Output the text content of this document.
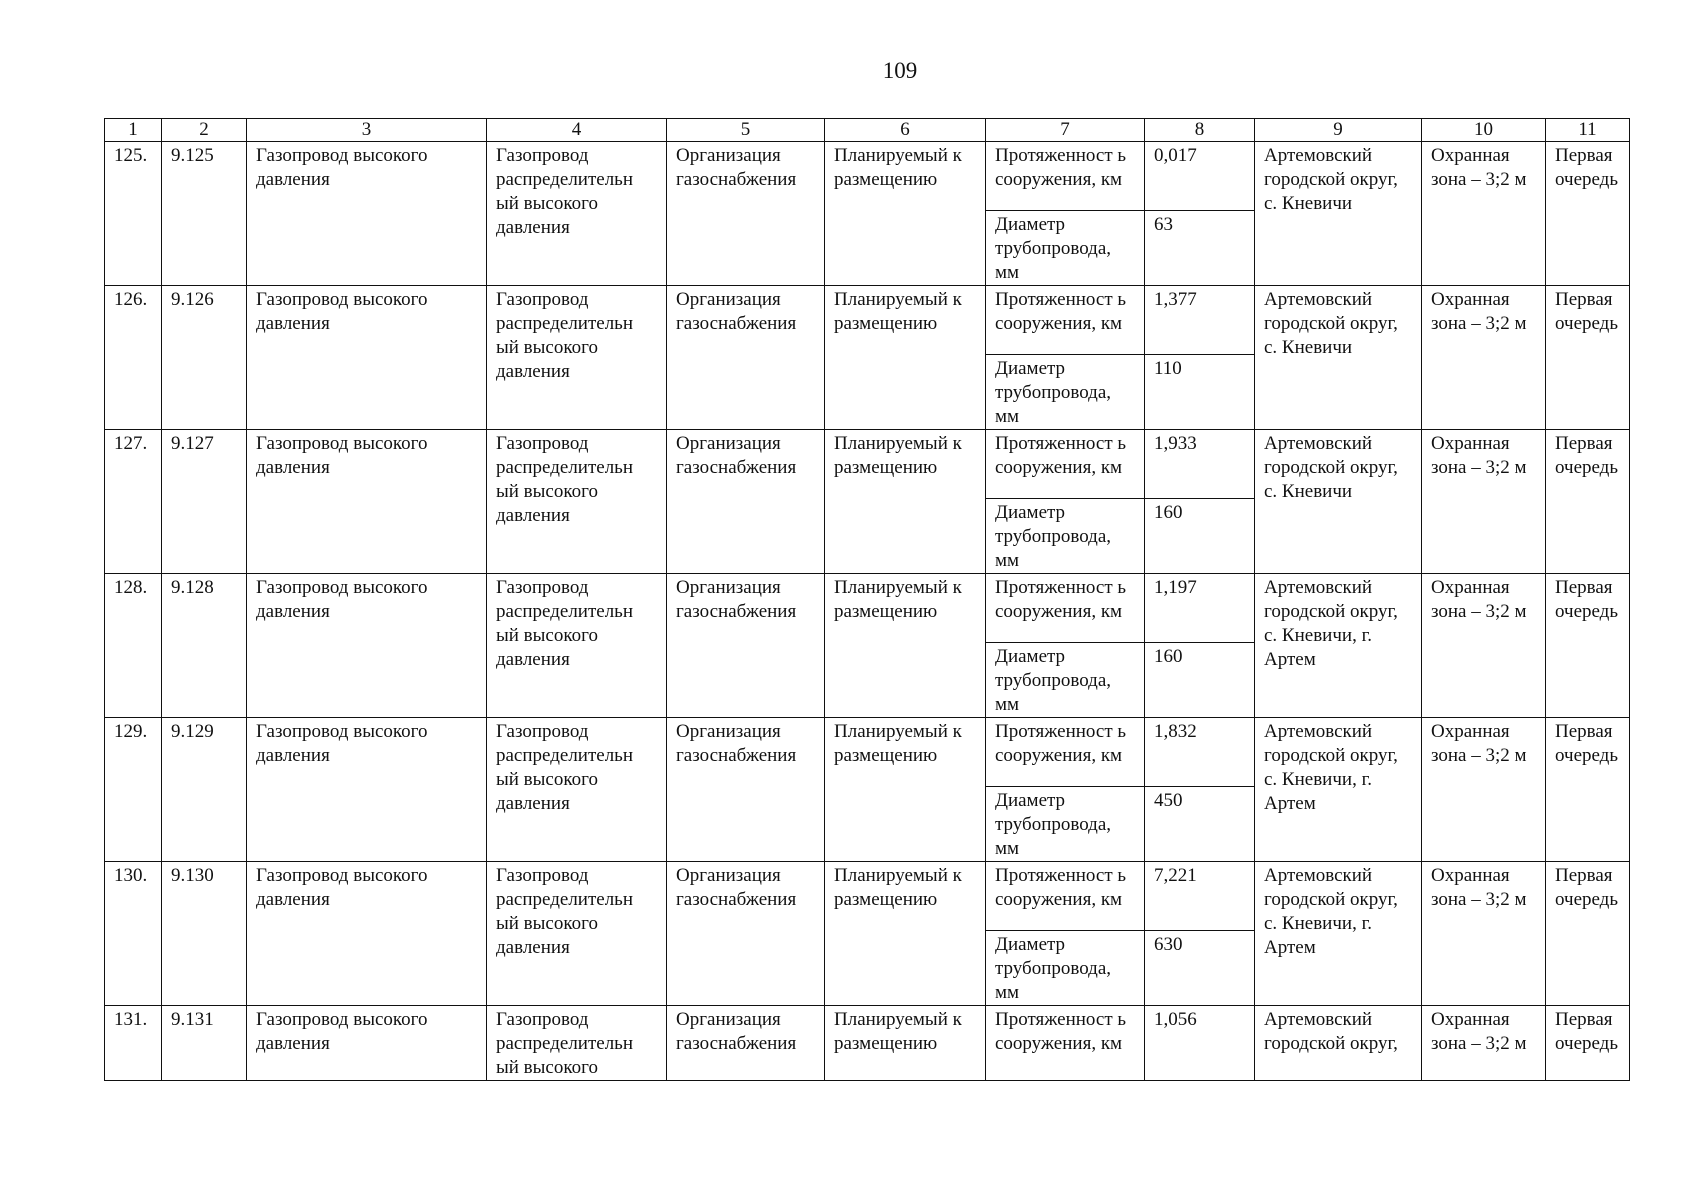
109
1	2	3	4	5	6	7	8	9	10	11
125.	9.125	Газопровод высокого давления	Газопровод распределительн ый высокого давления	Организация газоснабжения	Планируемый к размещению	Протяженност ь сооружения, км	0,017	Артемовский городской округ, с. Кневичи	Охранная зона – 3;2 м	Первая очередь
						Диаметр трубопровода, мм	63			
126.	9.126	Газопровод высокого давления	Газопровод распределительн ый высокого давления	Организация газоснабжения	Планируемый к размещению	Протяженност ь сооружения, км	1,377	Артемовский городской округ, с. Кневичи	Охранная зона – 3;2 м	Первая очередь
						Диаметр трубопровода, мм	110			
127.	9.127	Газопровод высокого давления	Газопровод распределительн ый высокого давления	Организация газоснабжения	Планируемый к размещению	Протяженност ь сооружения, км	1,933	Артемовский городской округ, с. Кневичи	Охранная зона – 3;2 м	Первая очередь
						Диаметр трубопровода, мм	160			
128.	9.128	Газопровод высокого давления	Газопровод распределительн ый высокого давления	Организация газоснабжения	Планируемый к размещению	Протяженност ь сооружения, км	1,197	Артемовский городской округ, с. Кневичи, г. Артем	Охранная зона – 3;2 м	Первая очередь
						Диаметр трубопровода, мм	160			
129.	9.129	Газопровод высокого давления	Газопровод распределительн ый высокого давления	Организация газоснабжения	Планируемый к размещению	Протяженност ь сооружения, км	1,832	Артемовский городской округ, с. Кневичи, г. Артем	Охранная зона – 3;2 м	Первая очередь
						Диаметр трубопровода, мм	450			
130.	9.130	Газопровод высокого давления	Газопровод распределительн ый высокого давления	Организация газоснабжения	Планируемый к размещению	Протяженност ь сооружения, км	7,221	Артемовский городской округ, с. Кневичи, г. Артем	Охранная зона – 3;2 м	Первая очередь
						Диаметр трубопровода, мм	630			
131.	9.131	Газопровод высокого давления	Газопровод распределительн ый высокого	Организация газоснабжения	Планируемый к размещению	Протяженност ь сооружения, км	1,056	Артемовский городской округ,	Охранная зона – 3;2 м	Первая очередь
